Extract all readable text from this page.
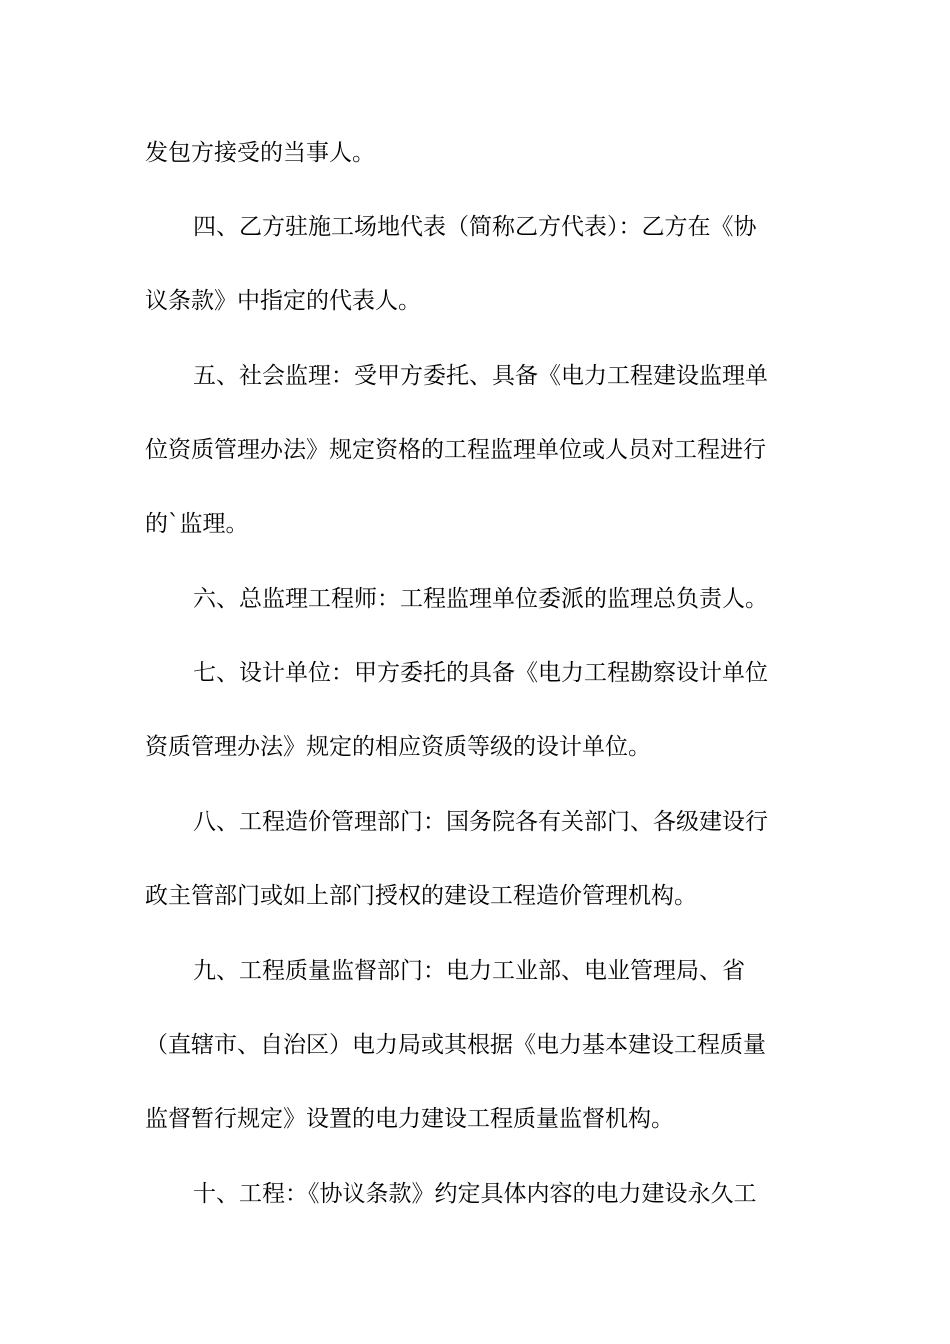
发包方接受的当事人。
四、乙方驻施工场地代表（简称乙方代表）：乙方在《协
议条款》中指定的代表人。
五、社会监理：受甲方委托、具备《电力工程建设监理单
位资质管理办法》规定资格的工程监理单位或人员对工程进行
的`监理。
六、总监理工程师：工程监理单位委派的监理总负责人。
七、设计单位：甲方委托的具备《电力工程勘察设计单位
资质管理办法》规定的相应资质等级的设计单位。
八、工程造价管理部门：国务院各有关部门、各级建设行
政主管部门或如上部门授权的建设工程造价管理机构。
九、工程质量监督部门：电力工业部、电业管理局、省
（直辖市、自治区）电力局或其根据《电力基本建设工程质量
监督暂行规定》设置的电力建设工程质量监督机构。
十、工程：《协议条款》约定具体内容的电力建设永久工
